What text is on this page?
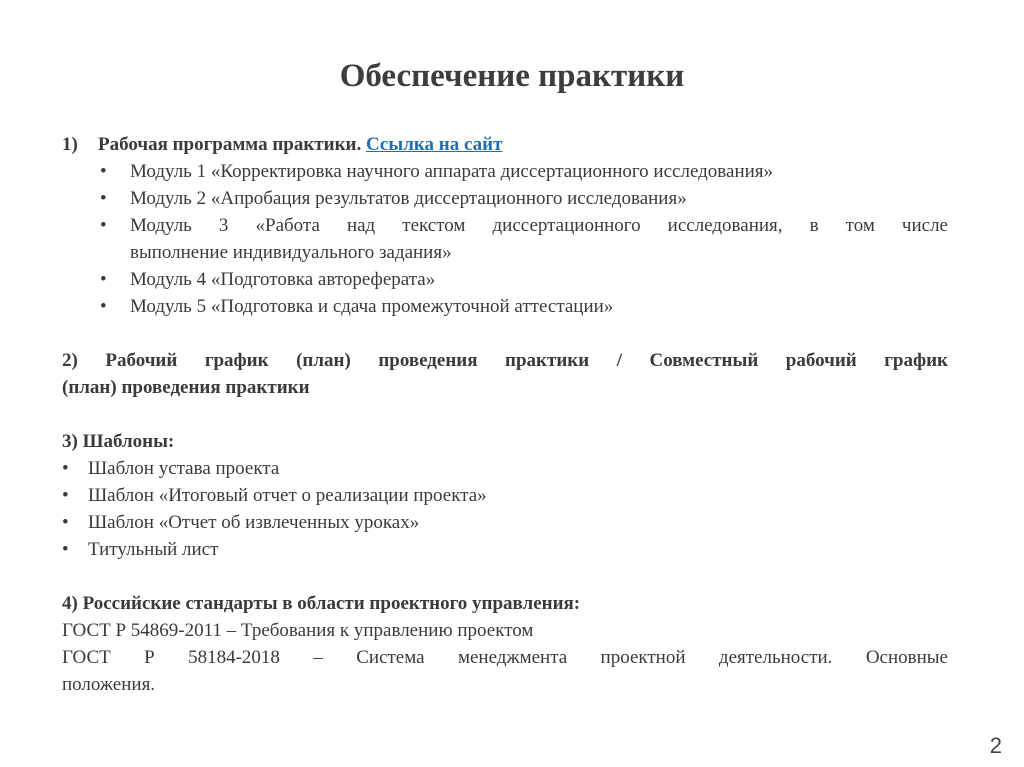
Обеспечение практики
1)	Рабочая программа практики. Ссылка на сайт
• Модуль 1 «Корректировка научного аппарата диссертационного исследования»
• Модуль 2 «Апробация результатов диссертационного исследования»
• Модуль 3 «Работа над текстом диссертационного исследования, в том числе
выполнение индивидуального задания»
• Модуль 4 «Подготовка автореферата»
• Модуль 5 «Подготовка и сдача промежуточной аттестации»

2) Рабочий график (план) проведения практики / Совместный рабочий график

(план) проведения практики

3) Шаблоны:

• Шаблон устава проекта
• Шаблон «Итоговый отчет о реализации проекта»
• Шаблон «Отчет об извлеченных уроках»
• Титульный лист

4) Российские стандарты в области проектного управления:

ГОСТ Р 54869-2011 – Требования к управлению проектом

ГОСТ Р 58184-2018 – Система менеджмента проектной деятельности. Основные

положения.

2
